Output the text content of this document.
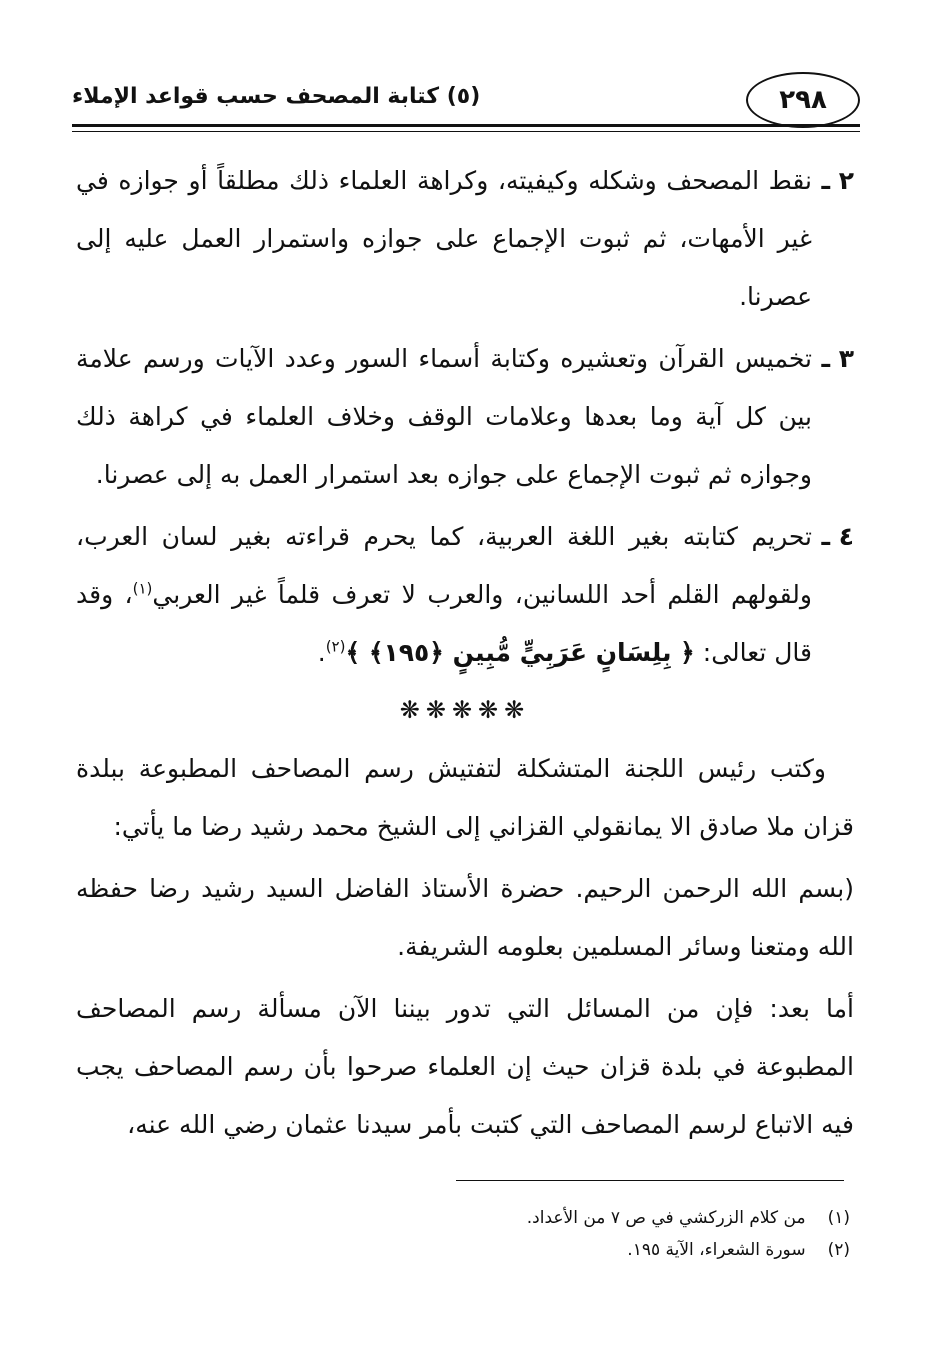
٢٩٨
(٥) كتابة المصحف حسب قواعد الإملاء
٢ ـ
نقط المصحف وشكله وكيفيته، وكراهة العلماء ذلك مطلقاً أو جوازه في غير الأمهات، ثم ثبوت الإجماع على جوازه واستمرار العمل عليه إلى عصرنا.
٣ ـ
تخميس القرآن وتعشيره وكتابة أسماء السور وعدد الآيات ورسم علامة بين كل آية وما بعدها وعلامات الوقف وخلاف العلماء في كراهة ذلك وجوازه ثم ثبوت الإجماع على جوازه بعد استمرار العمل به إلى عصرنا.
٤ ـ
تحريم كتابته بغير اللغة العربية، كما يحرم قراءته بغير لسان العرب، ولقولهم القلم أحد اللسانين، والعرب لا تعرف قلماً غير العربي$^{(١)}$، وقد قال تعالى: ﴿ بِلِسَانٍ عَرَبِيٍّ مُّبِينٍ ﴿١٩٥﴾ ﴾$^{(٢)}$.
❋❋❋❋❋

وكتب رئيس اللجنة المتشكلة لتفتيش رسم المصاحف المطبوعة ببلدة قزان ملا صادق الا يمانقولي القزاني إلى الشيخ محمد رشيد رضا ما يأتي:

(بسم الله الرحمن الرحيم. حضرة الأستاذ الفاضل السيد رشيد رضا حفظه الله ومتعنا وسائر المسلمين بعلومه الشريفة.

أما بعد: فإن من المسائل التي تدور بيننا الآن مسألة رسم المصاحف المطبوعة في بلدة قزان حيث إن العلماء صرحوا بأن رسم المصاحف يجب فيه الاتباع لرسم المصاحف التي كتبت بأمر سيدنا عثمان رضي الله عنه،

(١)
من كلام الزركشي في ص ٧ من الأعداد.
(٢)
سورة الشعراء، الآية ١٩٥.
